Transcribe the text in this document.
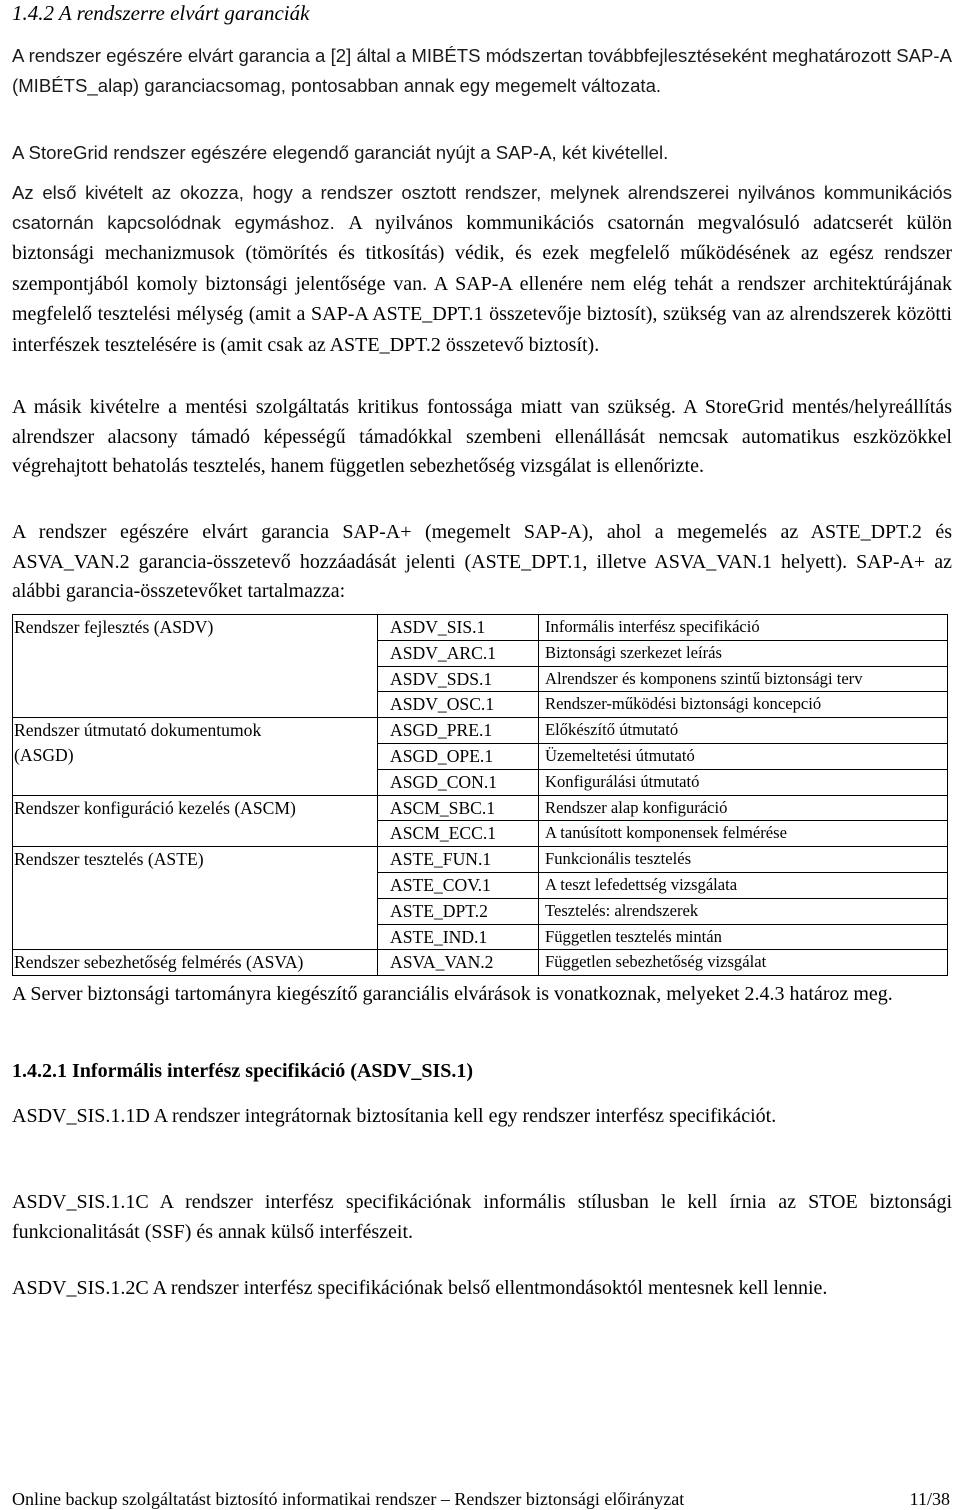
1.4.2 A rendszerre elvárt garanciák

A rendszer egészére elvárt garancia a [2] által a MIBÉTS módszertan továbbfejlesztéseként meghatározott SAP-A (MIBÉTS_alap) garanciacsomag, pontosabban annak egy megemelt változata.

A StoreGrid rendszer egészére elegendő garanciát nyújt a SAP-A, két kivétellel.

Az első kivételt az okozza, hogy a rendszer osztott rendszer, melynek alrendszerei nyilvános kommunikációs csatornán kapcsolódnak egymáshoz. A nyilvános kommunikációs csatornán megvalósuló adatcserét külön biztonsági mechanizmusok (tömörítés és titkosítás) védik, és ezek megfelelő működésének az egész rendszer szempontjából komoly biztonsági jelentősége van. A SAP-A ellenére nem elég tehát a rendszer architektúrájának megfelelő tesztelési mélység (amit a SAP-A ASTE_DPT.1 összetevője biztosít), szükség van az alrendszerek közötti interfészek tesztelésére is (amit csak az ASTE_DPT.2 összetevő biztosít).

A másik kivételre a mentési szolgáltatás kritikus fontossága miatt van szükség. A StoreGrid mentés/helyreállítás alrendszer alacsony támadó képességű támadókkal szembeni ellenállását nemcsak automatikus eszközökkel végrehajtott behatolás tesztelés, hanem független sebezhetőség vizsgálat is ellenőrizte.

A rendszer egészére elvárt garancia SAP-A+ (megemelt SAP-A), ahol a megemelés az ASTE_DPT.2 és ASVA_VAN.2 garancia-összetevő hozzáadását jelenti (ASTE_DPT.1, illetve ASVA_VAN.1 helyett). SAP-A+ az alábbi garancia-összetevőket tartalmazza:

Rendszer fejlesztés (ASDV)	ASDV_SIS.1	Informális interfész specifikáció
	ASDV_ARC.1	Biztonsági szerkezet leírás
	ASDV_SDS.1	Alrendszer és komponens szintű biztonsági terv
	ASDV_OSC.1	Rendszer-működési biztonsági koncepció
Rendszer útmutató dokumentumok	ASGD_PRE.1	Előkészítő útmutató
(ASGD)	ASGD_OPE.1	Üzemeltetési útmutató
	ASGD_CON.1	Konfigurálási útmutató
Rendszer konfiguráció kezelés (ASCM)	ASCM_SBC.1	Rendszer alap konfiguráció
	ASCM_ECC.1	A tanúsított komponensek felmérése
Rendszer tesztelés (ASTE)	ASTE_FUN.1	Funkcionális tesztelés
	ASTE_COV.1	A teszt lefedettség vizsgálata
	ASTE_DPT.2	Tesztelés: alrendszerek
	ASTE_IND.1	Független tesztelés mintán
Rendszer sebezhetőség felmérés (ASVA)	ASVA_VAN.2	Független sebezhetőség vizsgálat

A Server biztonsági tartományra kiegészítő garanciális elvárások is vonatkoznak, melyeket 2.4.3 határoz meg.

1.4.2.1 Informális interfész specifikáció (ASDV_SIS.1)

ASDV_SIS.1.1D A rendszer integrátornak biztosítania kell egy rendszer interfész specifikációt.

ASDV_SIS.1.1C A rendszer interfész specifikációnak informális stílusban le kell írnia az STOE biztonsági funkcionalitását (SSF) és annak külső interfészeit.

ASDV_SIS.1.2C A rendszer interfész specifikációnak belső ellentmondásoktól mentesnek kell lennie.

Online backup szolgáltatást biztosító informatikai rendszer – Rendszer biztonsági előirányzat	11/38
